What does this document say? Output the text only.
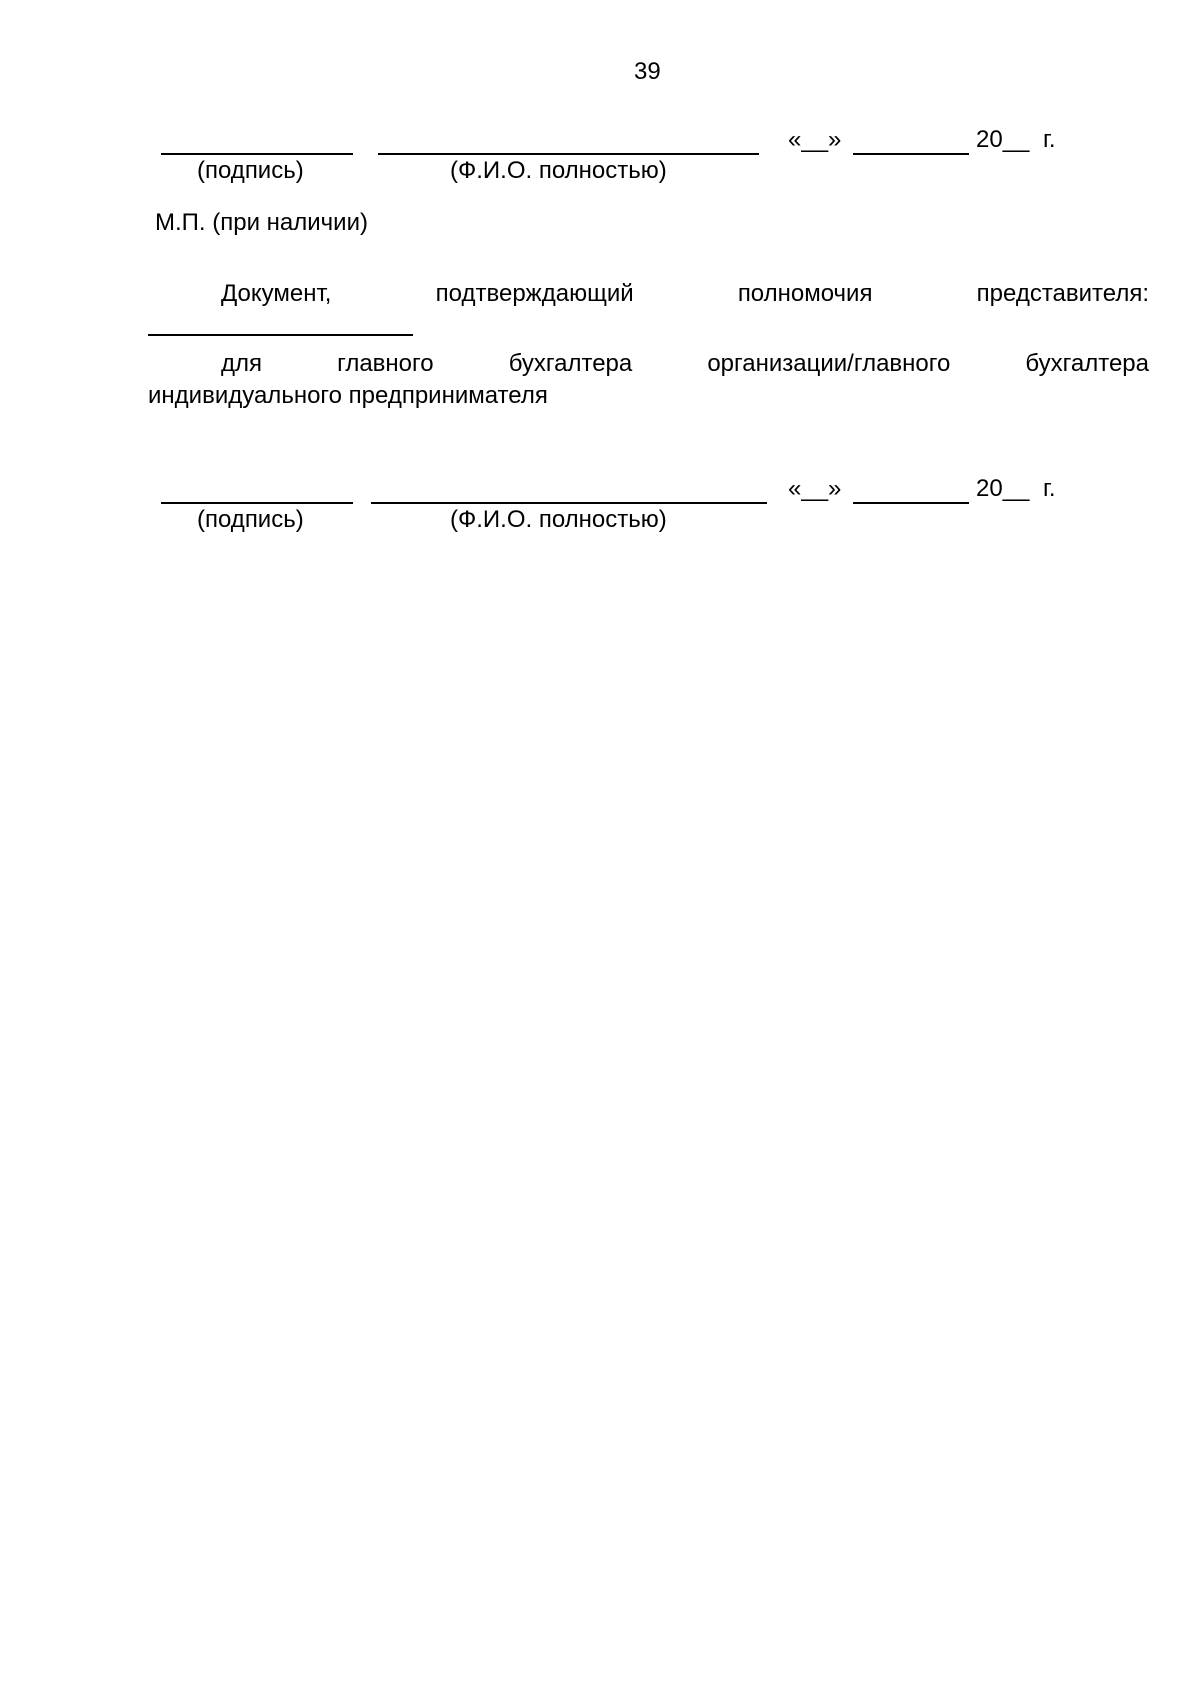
39
«__»	20__ г.
(подпись)	(Ф.И.О. полностью)
М.П. (при наличии)
Документ,	подтверждающий	полномочия	представителя:
для	главного	бухгалтера	организации/главного	бухгалтера
индивидуального предпринимателя
«__»	20__ г.
(подпись)	(Ф.И.О. полностью)
